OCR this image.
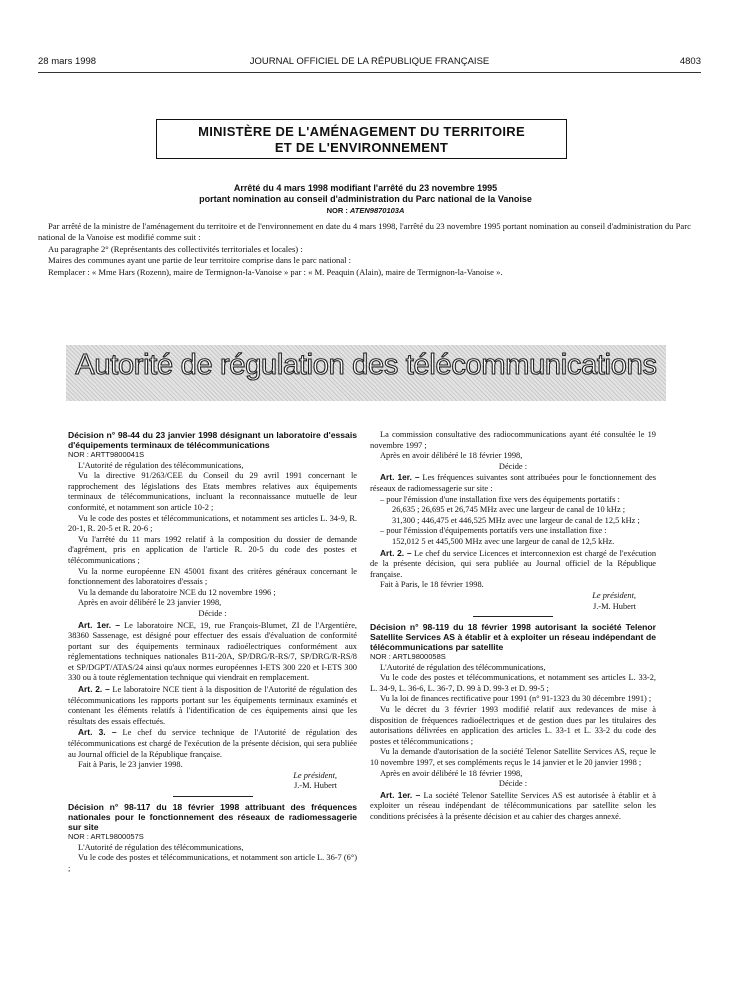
28 mars 1998	JOURNAL OFFICIEL DE LA RÉPUBLIQUE FRANÇAISE	4803
MINISTÈRE DE L'AMÉNAGEMENT DU TERRITOIRE
ET DE L'ENVIRONNEMENT
Arrêté du 4 mars 1998 modifiant l'arrêté du 23 novembre 1995
portant nomination au conseil d'administration du Parc national de la Vanoise
NOR : ATEN9870103A

Par arrêté de la ministre de l'aménagement du territoire et de l'environnement en date du 4 mars 1998, l'arrêté du 23 novembre 1995 portant nomination au conseil d'administration du Parc national de la Vanoise est modifié comme suit :

Au paragraphe 2° (Représentants des collectivités territoriales et locales) :

Maires des communes ayant une partie de leur territoire comprise dans le parc national :

Remplacer : « Mme Hars (Rozenn), maire de Termignon-la-Vanoise » par : « M. Peaquin (Alain), maire de Termignon-la-Vanoise ».

Autorité de régulation des télécommunications

Décision n° 98-44 du 23 janvier 1998 désignant un laboratoire d'essais d'équipements terminaux de télécommunications

NOR : ARTT9800041S

L'Autorité de régulation des télécommunications,

Vu la directive 91/263/CEE du Conseil du 29 avril 1991 concernant le rapprochement des législations des Etats membres relatives aux équipements terminaux de télécommunications, incluant la reconnaissance mutuelle de leur conformité, et notamment son article 10-2 ;

Vu le code des postes et télécommunications, et notamment ses articles L. 34-9, R. 20-1, R. 20-5 et R. 20-6 ;

Vu l'arrêté du 11 mars 1992 relatif à la composition du dossier de demande d'agrément, pris en application de l'article R. 20-5 du code des postes et télécommunications ;

Vu la norme européenne EN 45001 fixant des critères généraux concernant le fonctionnement des laboratoires d'essais ;

Vu la demande du laboratoire NCE du 12 novembre 1996 ;

Après en avoir délibéré le 23 janvier 1998,

Décide :

Art. 1er. – Le laboratoire NCE, 19, rue François-Blumet, ZI de l'Argentière, 38360 Sassenage, est désigné pour effectuer des essais d'évaluation de conformité portant sur des équipements terminaux radioélectriques conformément aux réglementations techniques nationales B11-20A, SP/DRG/R-RS/7, SP/DRG/R-RS/8 et SP/DGPT/ATAS/24 ainsi qu'aux normes européennes I-ETS 300 220 et I-ETS 300 330 ou à toute réglementation technique qui viendrait en remplacement.

Art. 2. – Le laboratoire NCE tient à la disposition de l'Autorité de régulation des télécommunications les rapports portant sur les équipements terminaux examinés et contenant les éléments relatifs à l'identification de ces équipements ainsi que les résultats des essais effectués.

Art. 3. – Le chef du service technique de l'Autorité de régulation des télécommunications est chargé de l'exécution de la présente décision, qui sera publiée au Journal officiel de la République française.

Fait à Paris, le 23 janvier 1998.

Le président,

J.-M. Hubert

Décision n° 98-117 du 18 février 1998 attribuant des fréquences nationales pour le fonctionnement des réseaux de radiomessagerie sur site

NOR : ARTL9800057S

L'Autorité de régulation des télécommunications,

Vu le code des postes et télécommunications, et notamment son article L. 36-7 (6°) ;

La commission consultative des radiocommunications ayant été consultée le 19 novembre 1997 ;

Après en avoir délibéré le 18 février 1998,

Décide :

Art. 1er. – Les fréquences suivantes sont attribuées pour le fonctionnement des réseaux de radiomessagerie sur site :

– pour l'émission d'une installation fixe vers des équipements portatifs :

26,635 ; 26,695 et 26,745 MHz avec une largeur de canal de 10 kHz ;

31,300 ; 446,475 et 446,525 MHz avec une largeur de canal de 12,5 kHz ;

– pour l'émission d'équipements portatifs vers une installation fixe :

152,012 5 et 445,500 MHz avec une largeur de canal de 12,5 kHz.

Art. 2. – Le chef du service Licences et interconnexion est chargé de l'exécution de la présente décision, qui sera publiée au Journal officiel de la République française.

Fait à Paris, le 18 février 1998.

Le président,

J.-M. Hubert

Décision n° 98-119 du 18 février 1998 autorisant la société Telenor Satellite Services AS à établir et à exploiter un réseau indépendant de télécommunications par satellite

NOR : ARTL9800058S

L'Autorité de régulation des télécommunications,

Vu le code des postes et télécommunications, et notamment ses articles L. 33-2, L. 34-9, L. 36-6, L. 36-7, D. 99 à D. 99-3 et D. 99-5 ;

Vu la loi de finances rectificative pour 1991 (n° 91-1323 du 30 décembre 1991) ;

Vu le décret du 3 février 1993 modifié relatif aux redevances de mise à disposition de fréquences radioélectriques et de gestion dues par les titulaires des autorisations délivrées en application des articles L. 33-1 et L. 33-2 du code des postes et télécommunications ;

Vu la demande d'autorisation de la société Telenor Satellite Services AS, reçue le 10 novembre 1997, et ses compléments reçus le 14 janvier et le 20 janvier 1998 ;

Après en avoir délibéré le 18 février 1998,

Décide :

Art. 1er. – La société Telenor Satellite Services AS est autorisée à établir et à exploiter un réseau indépendant de télécommunications par satellite selon les conditions précisées à la présente décision et au cahier des charges annexé.
